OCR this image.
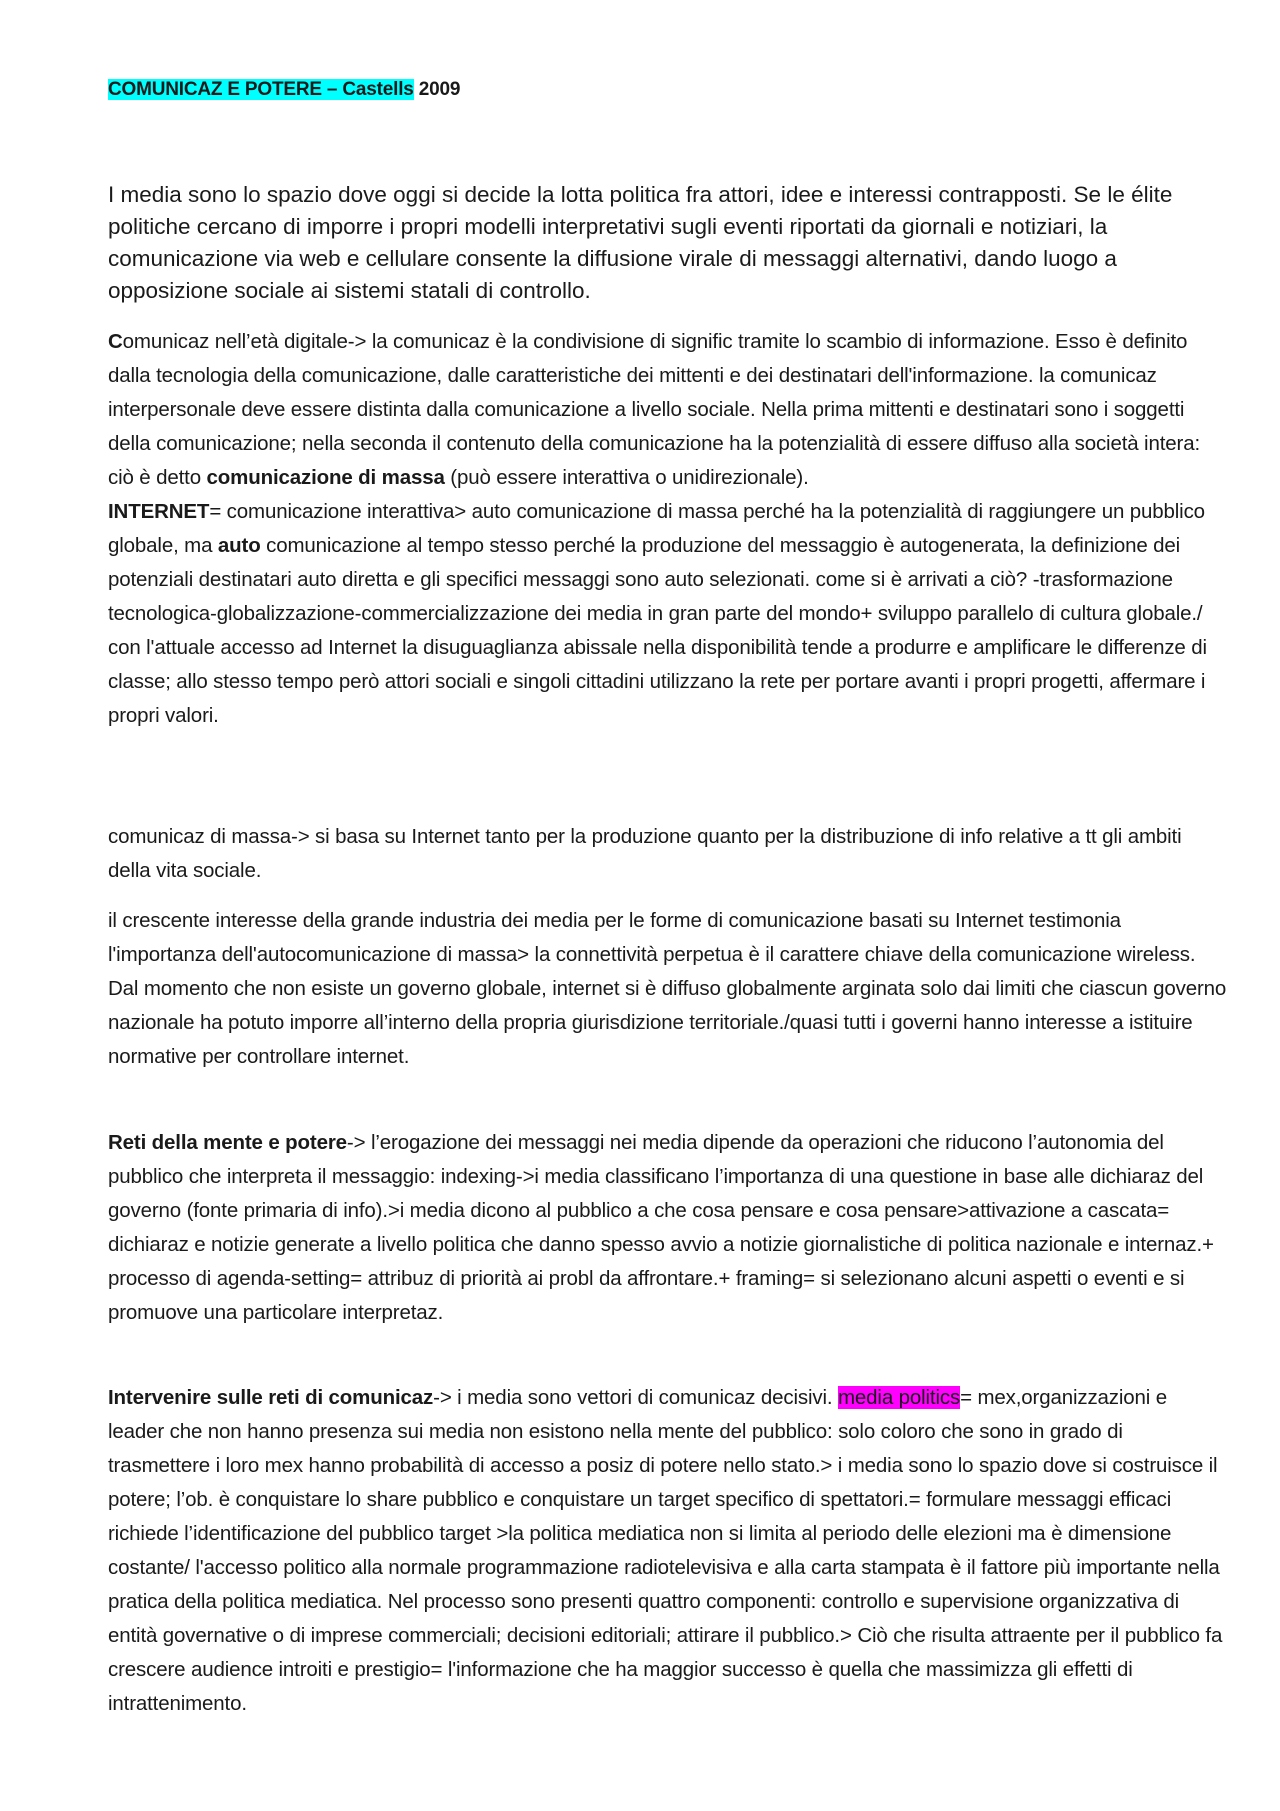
COMUNICAZ E POTERE – Castells 2009

I media sono lo spazio dove oggi si decide la lotta politica fra attori, idee e interessi contrapposti. Se le élite politiche cercano di imporre i propri modelli interpretativi sugli eventi riportati da giornali e notiziari, la comunicazione via web e cellulare consente la diffusione virale di messaggi alternativi, dando luogo a opposizione sociale ai sistemi statali di controllo.

Comunicaz nell’età digitale-> la comunicaz è la condivisione di signific tramite lo scambio di informazione. Esso è definito dalla tecnologia della comunicazione, dalle caratteristiche dei mittenti e dei destinatari dell'informazione. la comunicaz interpersonale deve essere distinta dalla comunicazione a livello sociale. Nella prima mittenti e destinatari sono i soggetti della comunicazione; nella seconda il contenuto della comunicazione ha la potenzialità di essere diffuso alla società intera: ciò è detto comunicazione di massa (può essere interattiva o unidirezionale).
INTERNET= comunicazione interattiva> auto comunicazione di massa perché ha la potenzialità di raggiungere un pubblico globale, ma auto comunicazione al tempo stesso perché la produzione del messaggio è autogenerata, la definizione dei potenziali destinatari auto diretta e gli specifici messaggi sono auto selezionati. come si è arrivati a ciò? -trasformazione tecnologica-globalizzazione-commercializzazione dei media in gran parte del mondo+ sviluppo parallelo di cultura globale./ con l'attuale accesso ad Internet la disuguaglianza abissale nella disponibilità tende a produrre e amplificare le differenze di classe; allo stesso tempo però attori sociali e singoli cittadini utilizzano la rete per portare avanti i propri progetti, affermare i propri valori.

comunicaz di massa-> si basa su Internet tanto per la produzione quanto per la distribuzione di info relative a tt gli ambiti della vita sociale.

il crescente interesse della grande industria dei media per le forme di comunicazione basati su Internet testimonia l'importanza dell'autocomunicazione di massa> la connettività perpetua è il carattere chiave della comunicazione wireless.
Dal momento che non esiste un governo globale, internet si è diffuso globalmente arginata solo dai limiti che ciascun governo nazionale ha potuto imporre all’interno della propria giurisdizione territoriale./quasi tutti i governi hanno interesse a istituire normative per controllare internet.

Reti della mente e potere-> l’erogazione dei messaggi nei media dipende da operazioni che riducono l’autonomia del pubblico che interpreta il messaggio: indexing->i media classificano l’importanza di una questione in base alle dichiaraz del governo (fonte primaria di info).>i media dicono al pubblico a che cosa pensare e cosa pensare>attivazione a cascata= dichiaraz e notizie generate a livello politica che danno spesso avvio a notizie giornalistiche di politica nazionale e internaz.+ processo di agenda-setting= attribuz di priorità ai probl da affrontare.+ framing= si selezionano alcuni aspetti o eventi e si promuove una particolare interpretaz.

Intervenire sulle reti di comunicaz-> i media sono vettori di comunicaz decisivi. media politics= mex,organizzazioni e leader che non hanno presenza sui media non esistono nella mente del pubblico: solo coloro che sono in grado di trasmettere i loro mex hanno probabilità di accesso a posiz di potere nello stato.> i media sono lo spazio dove si costruisce il potere; l’ob. è conquistare lo share pubblico e conquistare un target specifico di spettatori.= formulare messaggi efficaci richiede l’identificazione del pubblico target >la politica mediatica non si limita al periodo delle elezioni ma è dimensione costante/ l'accesso politico alla normale programmazione radiotelevisiva e alla carta stampata è il fattore più importante nella pratica della politica mediatica. Nel processo sono presenti quattro componenti: controllo e supervisione organizzativa di entità governative o di imprese commerciali; decisioni editoriali; attirare il pubblico.> Ciò che risulta attraente per il pubblico fa crescere audience introiti e prestigio= l'informazione che ha maggior successo è quella che massimizza gli effetti di intrattenimento.
